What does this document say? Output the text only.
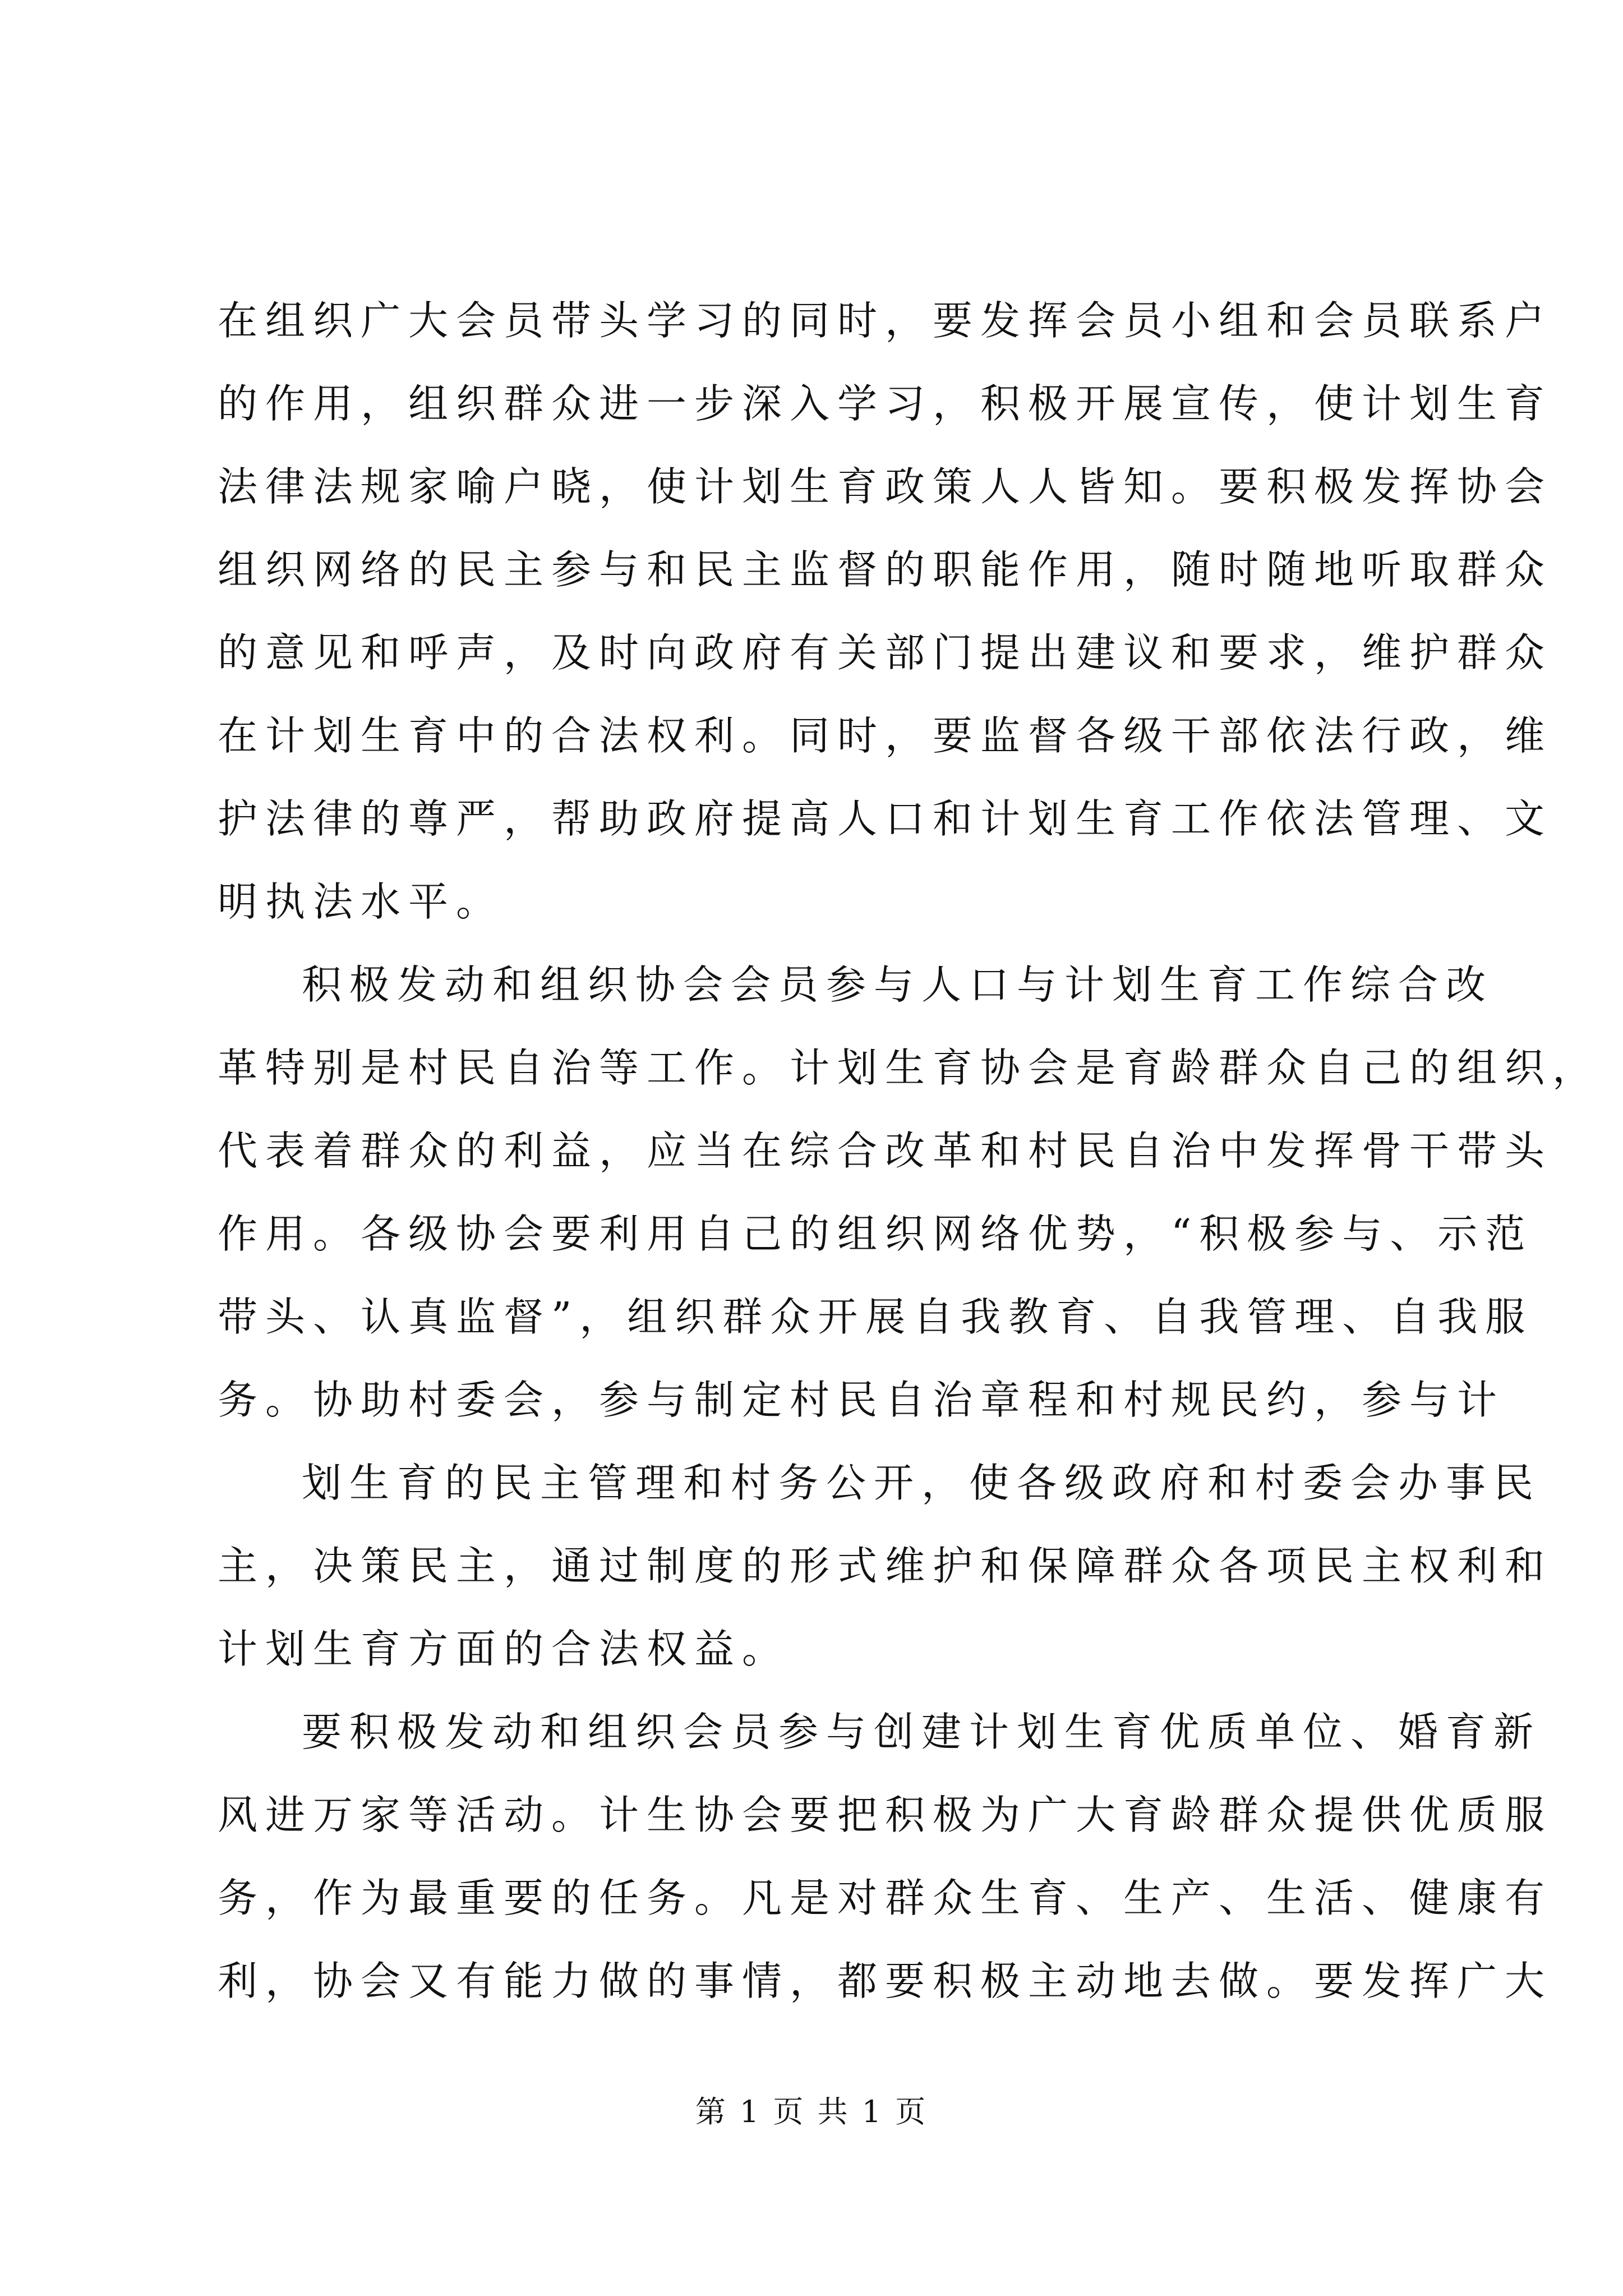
在组织广大会员带头学习的同时，要发挥会员小组和会员联系户
的作用，组织群众进一步深入学习，积极开展宣传，使计划生育
法律法规家喻户晓，使计划生育政策人人皆知。要积极发挥协会
组织网络的民主参与和民主监督的职能作用，随时随地听取群众
的意见和呼声，及时向政府有关部门提出建议和要求，维护群众
在计划生育中的合法权利。同时，要监督各级干部依法行政，维
护法律的尊严，帮助政府提高人口和计划生育工作依法管理、文
明执法水平。
积极发动和组织协会会员参与人口与计划生育工作综合改
革特别是村民自治等工作。计划生育协会是育龄群众自己的组织，
代表着群众的利益，应当在综合改革和村民自治中发挥骨干带头
作用。各级协会要利用自己的组织网络优势，“积极参与、示范
带头、认真监督”，组织群众开展自我教育、自我管理、自我服
务。协助村委会，参与制定村民自治章程和村规民约，参与计
划生育的民主管理和村务公开，使各级政府和村委会办事民
主，决策民主，通过制度的形式维护和保障群众各项民主权利和
计划生育方面的合法权益。
要积极发动和组织会员参与创建计划生育优质单位、婚育新
风进万家等活动。计生协会要把积极为广大育龄群众提供优质服
务，作为最重要的任务。凡是对群众生育、生产、生活、健康有
利，协会又有能力做的事情，都要积极主动地去做。要发挥广大
第 1 页 共 1 页
